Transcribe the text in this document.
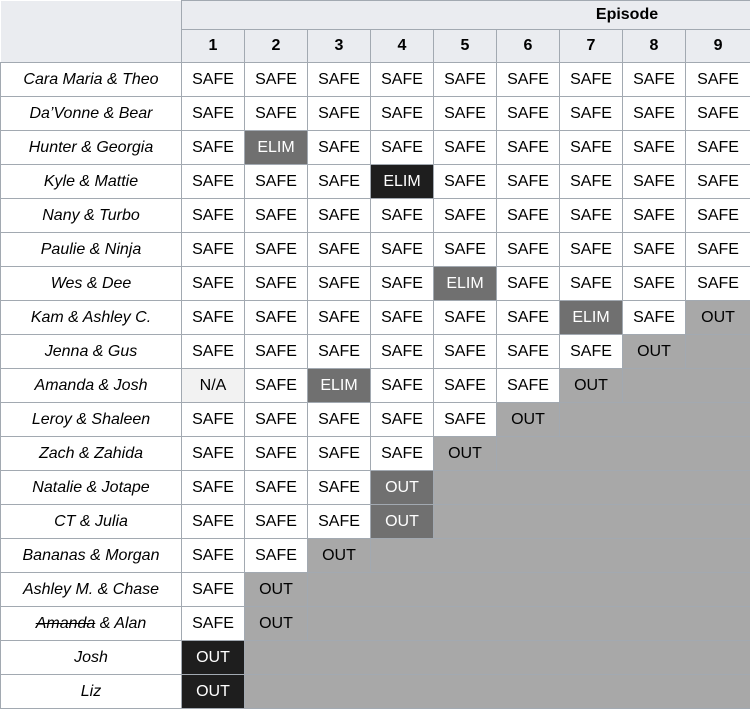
	Episode								
	1	2	3	4	5	6	7	8	9
Cara Maria & Theo	SAFE	SAFE	SAFE	SAFE	SAFE	SAFE	SAFE	SAFE	SAFE
Da’Vonne & Bear	SAFE	SAFE	SAFE	SAFE	SAFE	SAFE	SAFE	SAFE	SAFE
Hunter & Georgia	SAFE	ELIM	SAFE	SAFE	SAFE	SAFE	SAFE	SAFE	SAFE
Kyle & Mattie	SAFE	SAFE	SAFE	ELIM	SAFE	SAFE	SAFE	SAFE	SAFE
Nany & Turbo	SAFE	SAFE	SAFE	SAFE	SAFE	SAFE	SAFE	SAFE	SAFE
Paulie & Ninja	SAFE	SAFE	SAFE	SAFE	SAFE	SAFE	SAFE	SAFE	SAFE
Wes & Dee	SAFE	SAFE	SAFE	SAFE	ELIM	SAFE	SAFE	SAFE	SAFE
Kam & Ashley C.	SAFE	SAFE	SAFE	SAFE	SAFE	SAFE	ELIM	SAFE	OUT
Jenna & Gus	SAFE	SAFE	SAFE	SAFE	SAFE	SAFE	SAFE	OUT	
Amanda & Josh	N/A	SAFE	ELIM	SAFE	SAFE	SAFE	OUT		
Leroy & Shaleen	SAFE	SAFE	SAFE	SAFE	SAFE	OUT			
Zach & Zahida	SAFE	SAFE	SAFE	SAFE	OUT				
Natalie & Jotape	SAFE	SAFE	SAFE	OUT					
CT & Julia	SAFE	SAFE	SAFE	OUT					
Bananas & Morgan	SAFE	SAFE	OUT						
Ashley M. & Chase	SAFE	OUT							
Amanda & Alan	SAFE	OUT							
Josh	OUT								
Liz	OUT								
